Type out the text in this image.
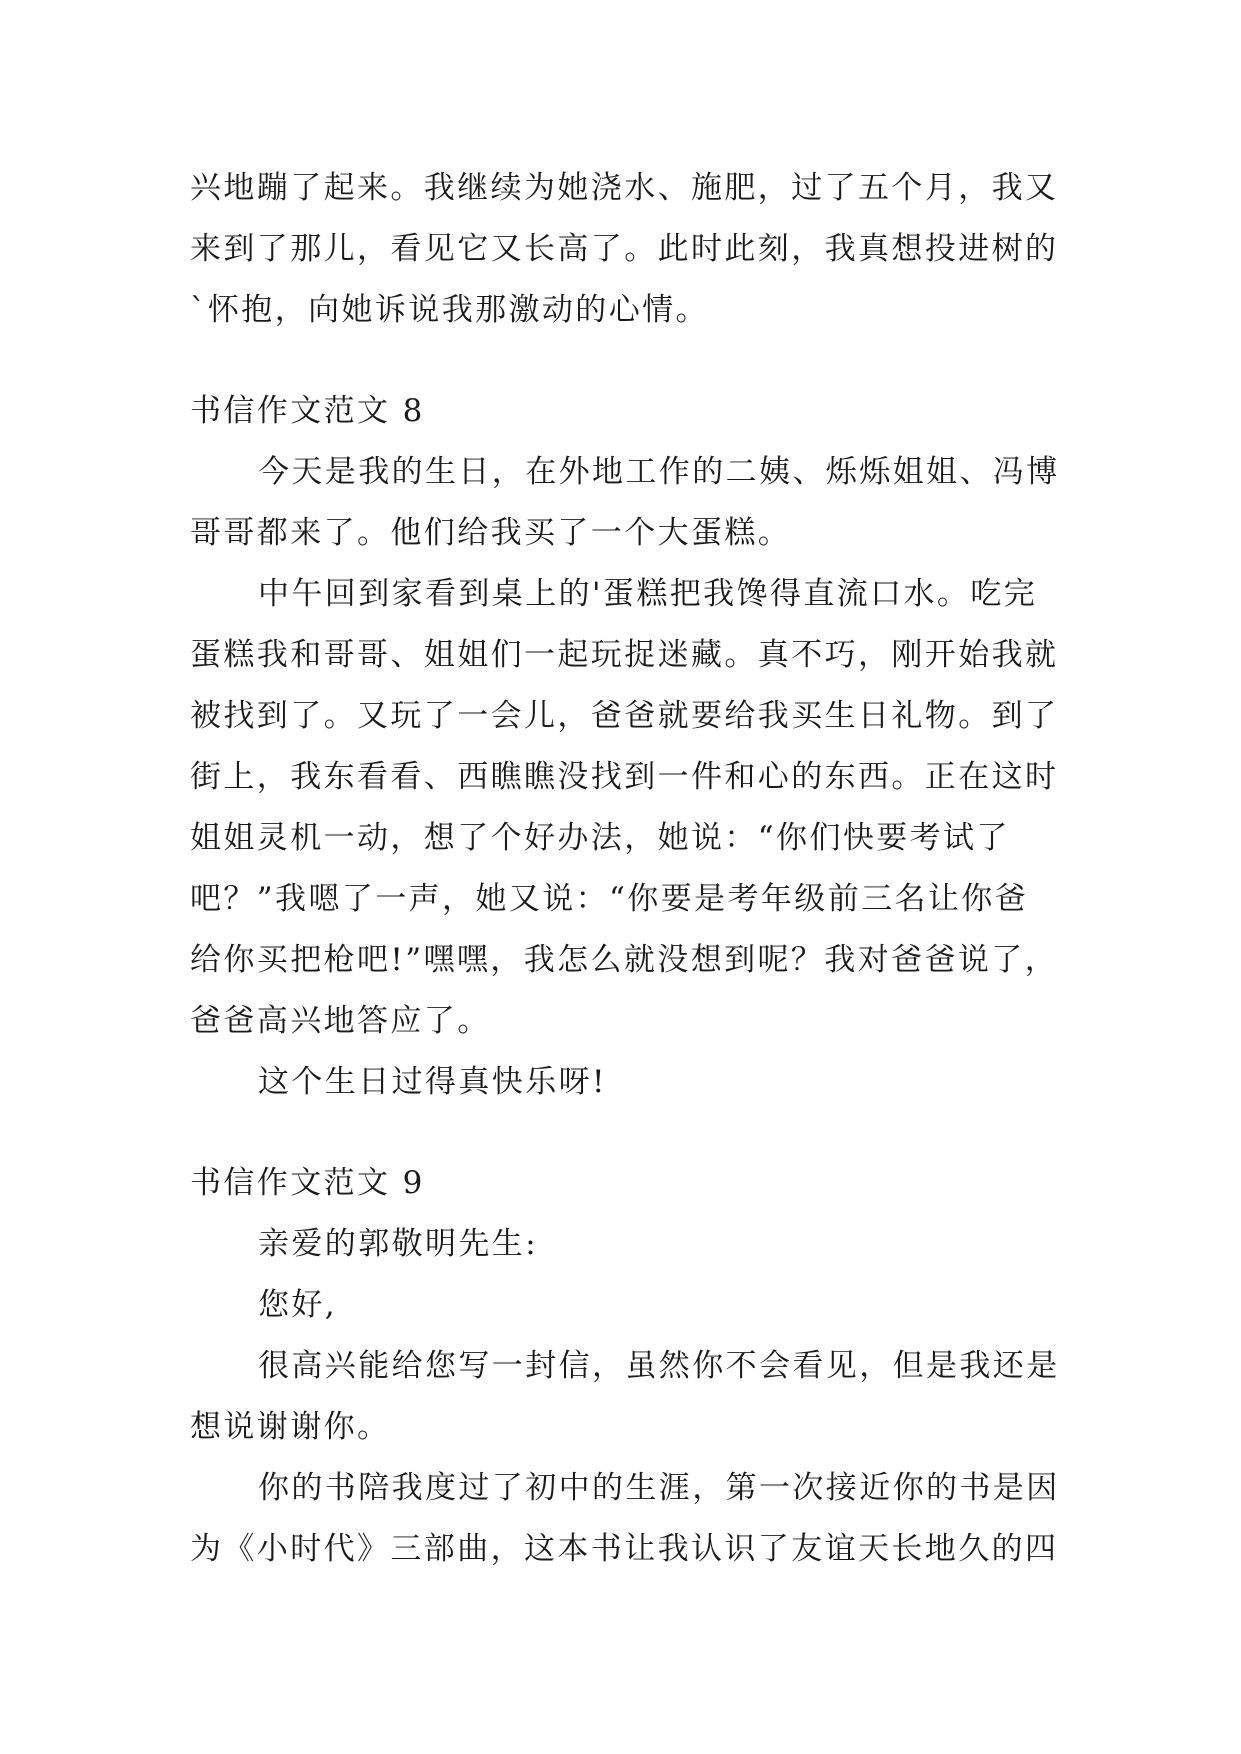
兴地蹦了起来。我继续为她浇水、施肥，过了五个月，我又来到了那儿，看见它又长高了。此时此刻，我真想投进树的`怀抱，向她诉说我那激动的心情。

书信作文范文 8

今天是我的生日，在外地工作的二姨、烁烁姐姐、冯博哥哥都来了。他们给我买了一个大蛋糕。

中午回到家看到桌上的'蛋糕把我馋得直流口水。吃完蛋糕我和哥哥、姐姐们一起玩捉迷藏。真不巧，刚开始我就被找到了。又玩了一会儿，爸爸就要给我买生日礼物。到了街上，我东看看、西瞧瞧没找到一件和心的东西。正在这时姐姐灵机一动，想了个好办法，她说：“你们快要考试了吧？”我嗯了一声，她又说：“你要是考年级前三名让你爸给你买把枪吧!”嘿嘿，我怎么就没想到呢？我对爸爸说了，爸爸高兴地答应了。

这个生日过得真快乐呀!

书信作文范文 9

亲爱的郭敬明先生:

您好,

很高兴能给您写一封信，虽然你不会看见，但是我还是想说谢谢你。

你的书陪我度过了初中的生涯，第一次接近你的书是因为《小时代》三部曲，这本书让我认识了友谊天长地久的四
